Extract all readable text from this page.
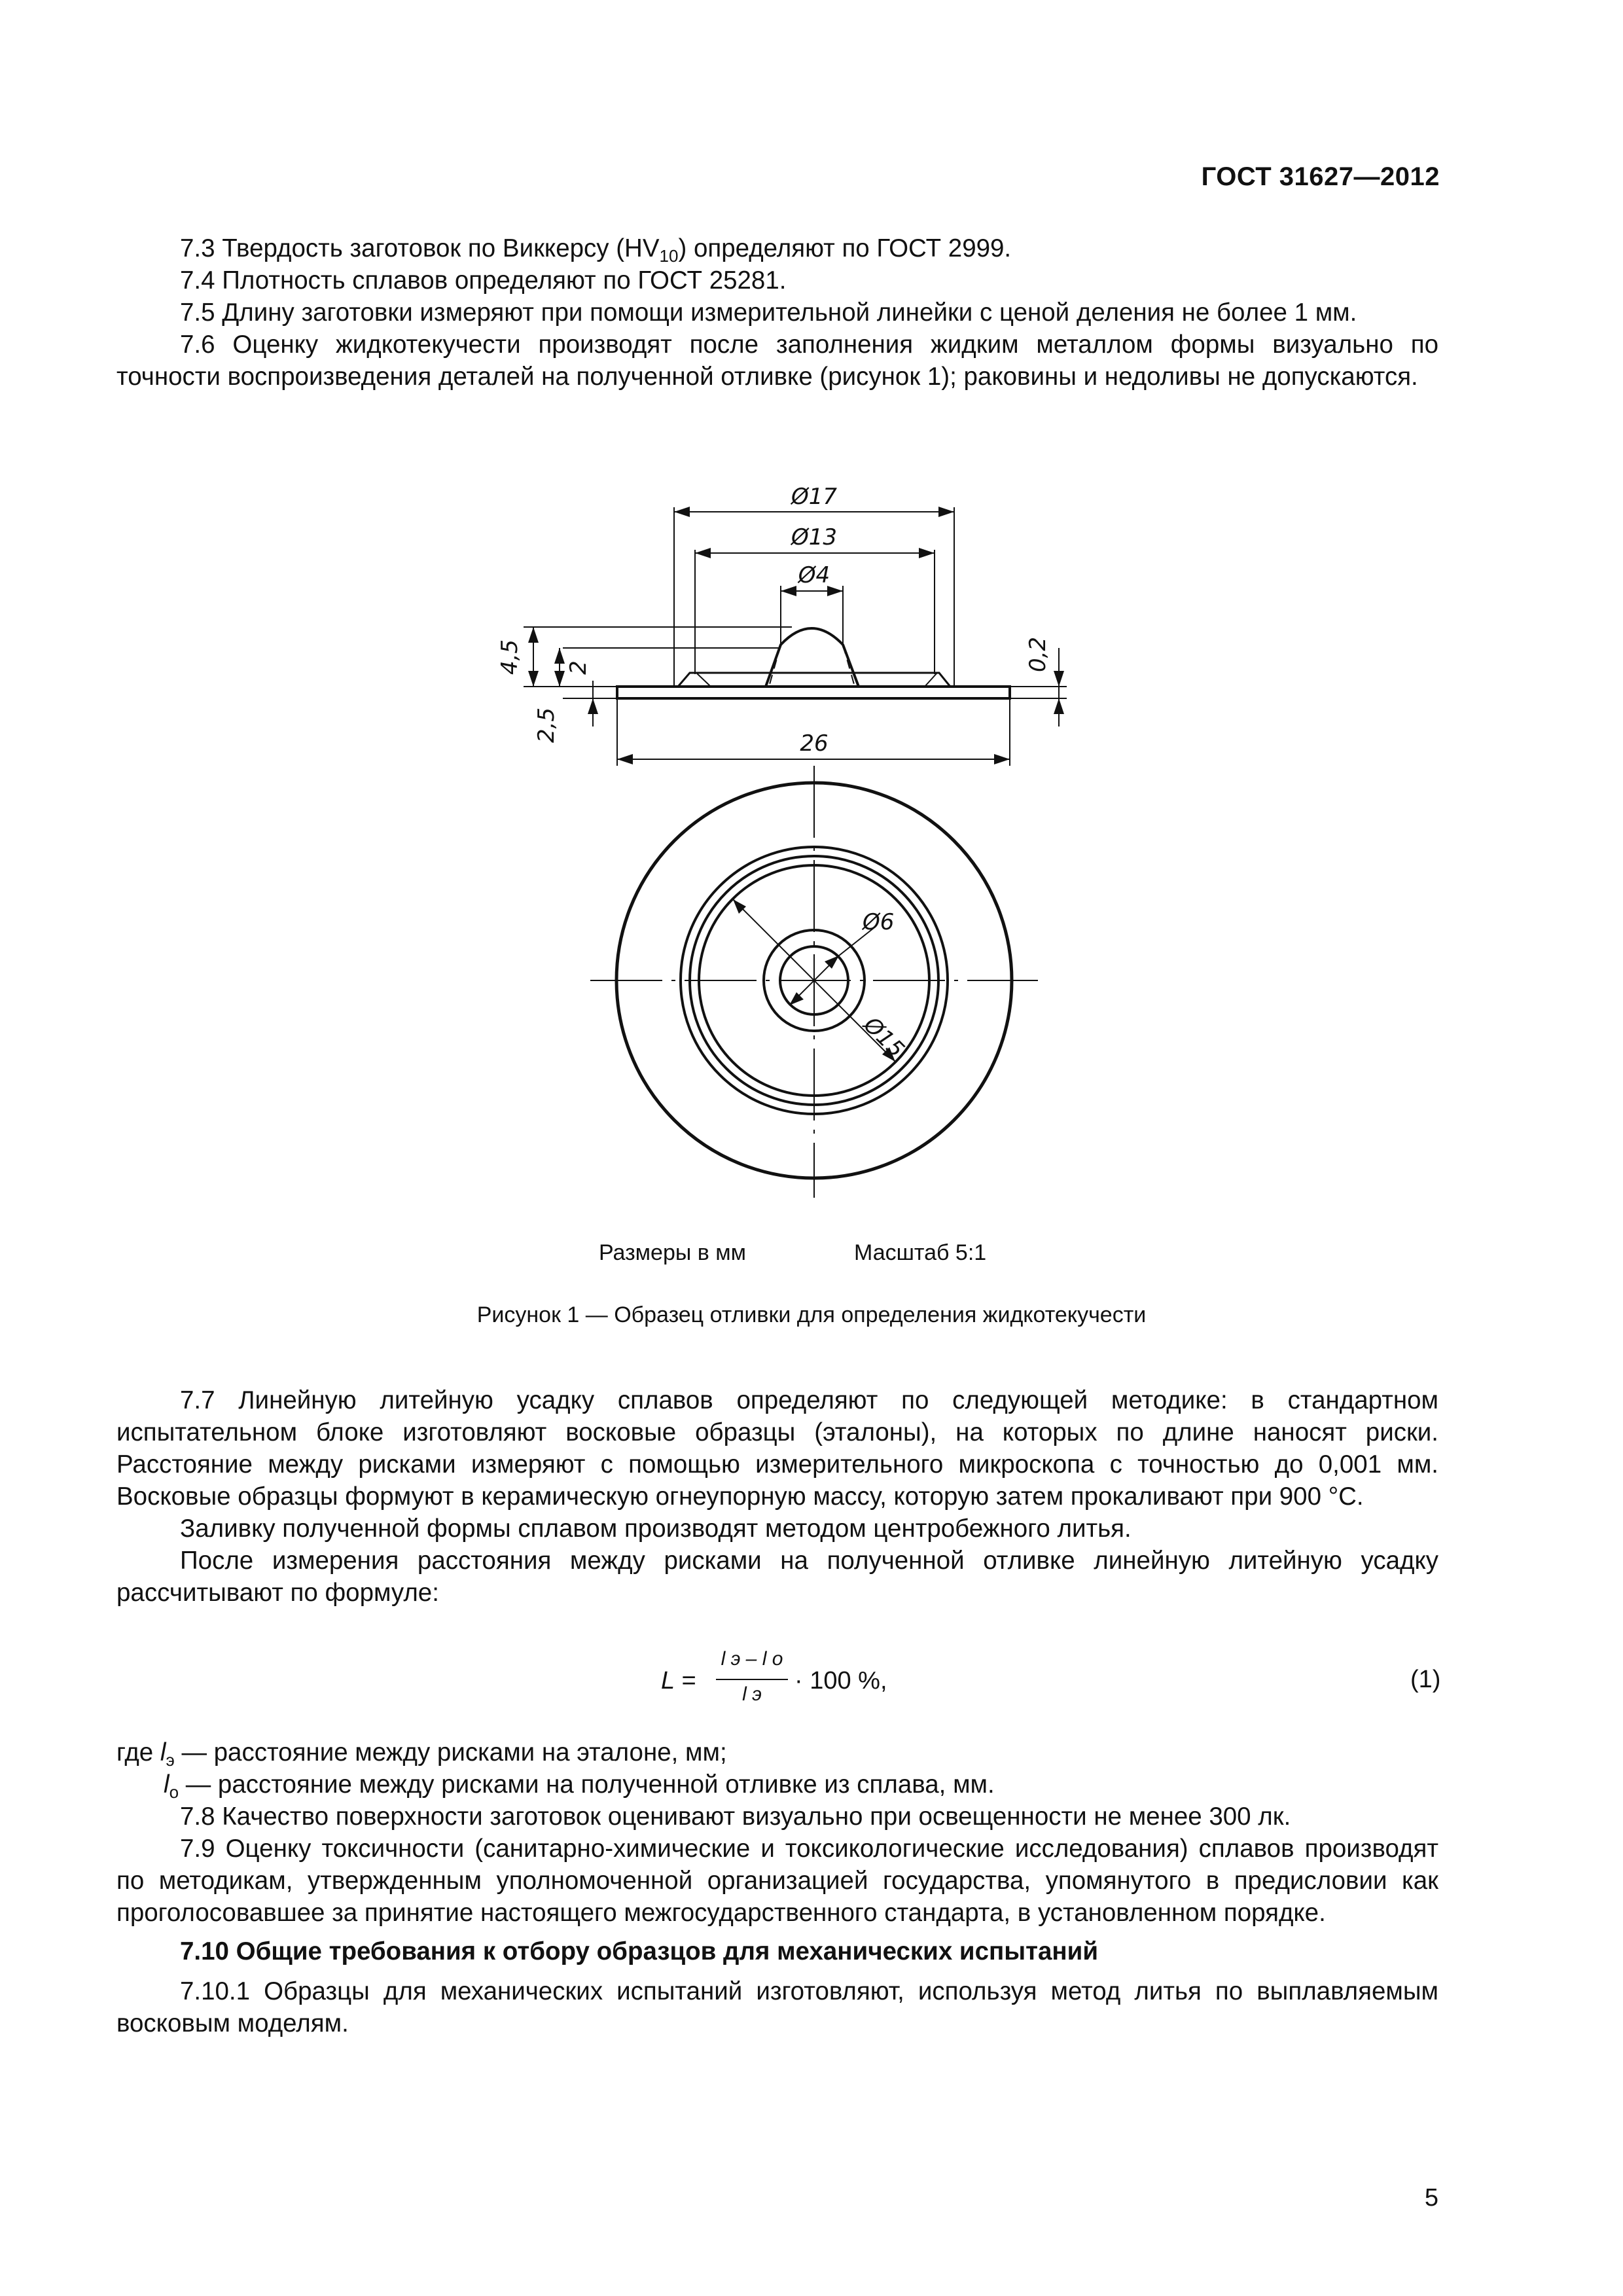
ГОСТ 31627—2012

7.3 Твердость заготовок по Виккерсу $(HV_{10})$ определяют по ГОСТ 2999.

7.4 Плотность сплавов определяют по ГОСТ 25281.

7.5 Длину заготовки измеряют при помощи измерительной линейки с ценой деления не более 1 мм.

7.6 Оценку жидкотекучести производят после заполнения жидким металлом формы визуально по точности воспроизведения деталей на полученной отливке (рисунок 1); раковины и недоливы не допускаются.

Ø17
Ø13
Ø4
26
4,5 2
2,5
0,2
Ø6
Ø15
Размеры в мм	Масштаб 5:1
Рисунок 1 — Образец отливки для определения жидкотекучести

7.7 Линейную литейную усадку сплавов определяют по следующей методике: в стандартном испытательном блоке изготовляют восковые образцы (эталоны), на которых по длине наносят риски. Расстояние между рисками измеряют с помощью измерительного микроскопа с точностью до 0,001 мм. Восковые образцы формуют в керамическую огнеупорную массу, которую затем прокаливают при 900 °С.

Заливку полученной формы сплавом производят методом центробежного литья.

После измерения расстояния между рисками на полученной отливке линейную литейную усадку рассчитывают по формуле:

L =
l э – l о
l э	· 100 %,	(1)

где $l_э$ — расстояние между рисками на эталоне, мм;

$l_о$ — расстояние между рисками на полученной отливке из сплава, мм.

7.8 Качество поверхности заготовок оценивают визуально при освещенности не менее 300 лк.

7.9 Оценку токсичности (санитарно-химические и токсикологические исследования) сплавов производят по методикам, утвержденным уполномоченной организацией государства, упомянутого в предисловии как проголосовавшее за принятие настоящего межгосударственного стандарта, в установленном порядке.

7.10 Общие требования к отбору образцов для механических испытаний

7.10.1 Образцы для механических испытаний изготовляют, используя метод литья по выплавляемым восковым моделям.

5
